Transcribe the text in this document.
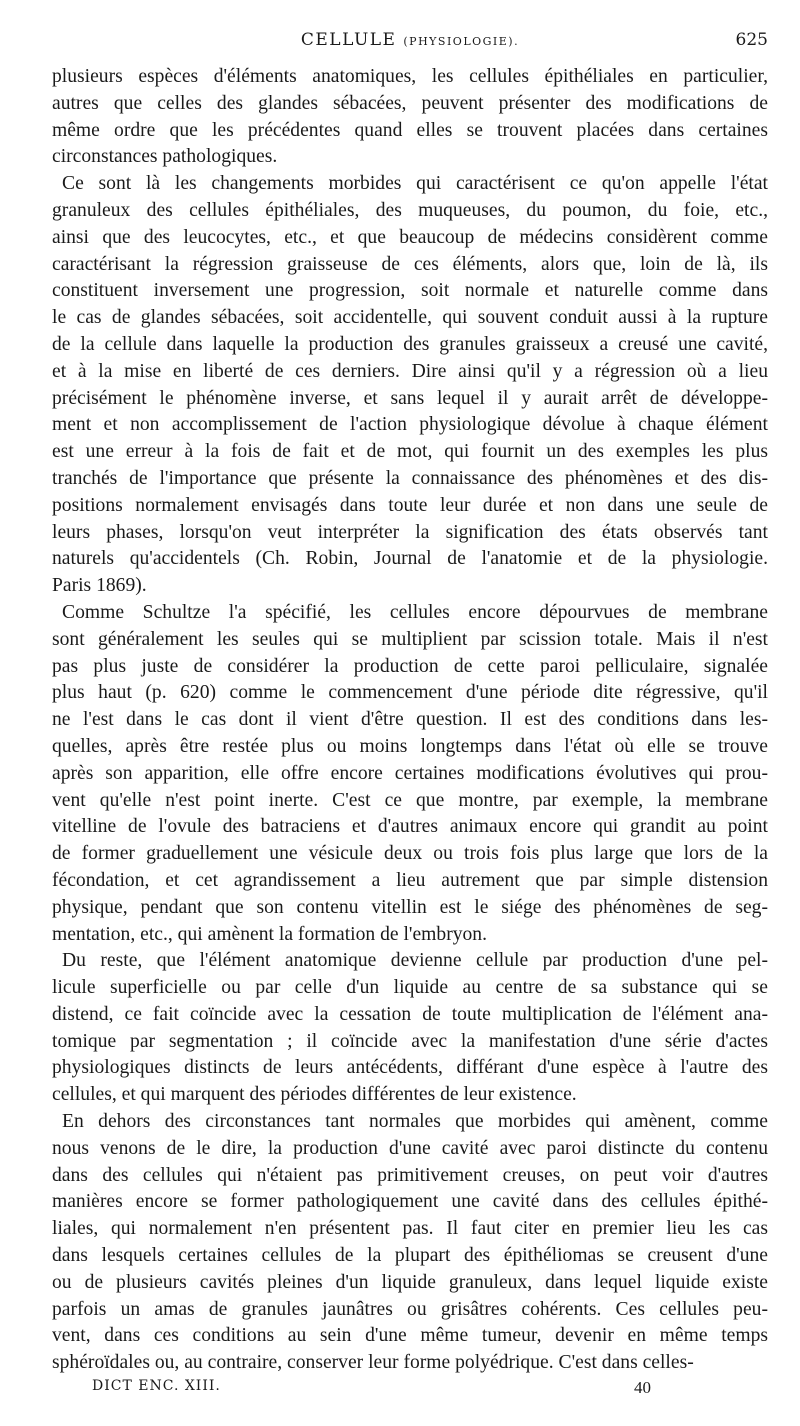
CELLULE (PHYSIOLOGIE).	625
plusieurs espèces d'éléments anatomiques, les cellules épithéliales en particulier,
autres que celles des glandes sébacées, peuvent présenter des modifications de
même ordre que les précédentes quand elles se trouvent placées dans certaines
circonstances pathologiques.
Ce sont là les changements morbides qui caractérisent ce qu'on appelle l'état
granuleux des cellules épithéliales, des muqueuses, du poumon, du foie, etc.,
ainsi que des leucocytes, etc., et que beaucoup de médecins considèrent comme
caractérisant la régression graisseuse de ces éléments, alors que, loin de là, ils
constituent inversement une progression, soit normale et naturelle comme dans
le cas de glandes sébacées, soit accidentelle, qui souvent conduit aussi à la rupture
de la cellule dans laquelle la production des granules graisseux a creusé une cavité,
et à la mise en liberté de ces derniers. Dire ainsi qu'il y a régression où a lieu
précisément le phénomène inverse, et sans lequel il y aurait arrêt de développe-
ment et non accomplissement de l'action physiologique dévolue à chaque élément
est une erreur à la fois de fait et de mot, qui fournit un des exemples les plus
tranchés de l'importance que présente la connaissance des phénomènes et des dis-
positions normalement envisagés dans toute leur durée et non dans une seule de
leurs phases, lorsqu'on veut interpréter la signification des états observés tant
naturels qu'accidentels (Ch. Robin, Journal de l'anatomie et de la physiologie.
Paris 1869).
Comme Schultze l'a spécifié, les cellules encore dépourvues de membrane
sont généralement les seules qui se multiplient par scission totale. Mais il n'est
pas plus juste de considérer la production de cette paroi pelliculaire, signalée
plus haut (p. 620) comme le commencement d'une période dite régressive, qu'il
ne l'est dans le cas dont il vient d'être question. Il est des conditions dans les-
quelles, après être restée plus ou moins longtemps dans l'état où elle se trouve
après son apparition, elle offre encore certaines modifications évolutives qui prou-
vent qu'elle n'est point inerte. C'est ce que montre, par exemple, la membrane
vitelline de l'ovule des batraciens et d'autres animaux encore qui grandit au point
de former graduellement une vésicule deux ou trois fois plus large que lors de la
fécondation, et cet agrandissement a lieu autrement que par simple distension
physique, pendant que son contenu vitellin est le siége des phénomènes de seg-
mentation, etc., qui amènent la formation de l'embryon.
Du reste, que l'élément anatomique devienne cellule par production d'une pel-
licule superficielle ou par celle d'un liquide au centre de sa substance qui se
distend, ce fait coïncide avec la cessation de toute multiplication de l'élément ana-
tomique par segmentation ; il coïncide avec la manifestation d'une série d'actes
physiologiques distincts de leurs antécédents, différant d'une espèce à l'autre des
cellules, et qui marquent des périodes différentes de leur existence.
En dehors des circonstances tant normales que morbides qui amènent, comme
nous venons de le dire, la production d'une cavité avec paroi distincte du contenu
dans des cellules qui n'étaient pas primitivement creuses, on peut voir d'autres
manières encore se former pathologiquement une cavité dans des cellules épithé-
liales, qui normalement n'en présentent pas. Il faut citer en premier lieu les cas
dans lesquels certaines cellules de la plupart des épithéliomas se creusent d'une
ou de plusieurs cavités pleines d'un liquide granuleux, dans lequel liquide existe
parfois un amas de granules jaunâtres ou grisâtres cohérents. Ces cellules peu-
vent, dans ces conditions au sein d'une même tumeur, devenir en même temps
sphéroïdales ou, au contraire, conserver leur forme polyédrique. C'est dans celles-
DICT ENC. XIII.	40
